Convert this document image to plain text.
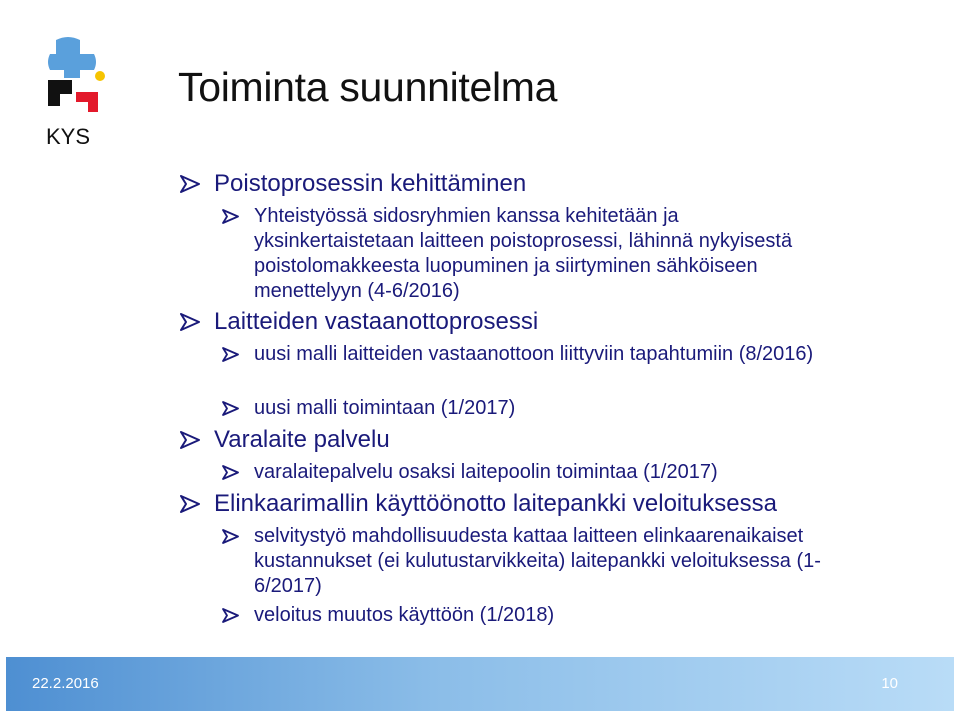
KYS
Toiminta suunnitelma
Poistoprosessin kehittäminen
Yhteistyössä sidosryhmien kanssa kehitetään ja yksinkertaistetaan laitteen poistoprosessi, lähinnä nykyisestä poistolomakkeesta luopuminen ja siirtyminen sähköiseen menettelyyn (4-6/2016)
Laitteiden vastaanottoprosessi
uusi malli laitteiden vastaanottoon liittyviin tapahtumiin (8/2016)
uusi malli toimintaan (1/2017)
Varalaite palvelu
varalaitepalvelu osaksi laitepoolin toimintaa (1/2017)
Elinkaarimallin käyttöönotto laitepankki veloituksessa
selvitystyö mahdollisuudesta kattaa laitteen elinkaarenaikaiset kustannukset (ei kulutustarvikkeita) laitepankki veloituksessa (1-6/2017)
veloitus muutos käyttöön (1/2018)
22.2.2016	10
